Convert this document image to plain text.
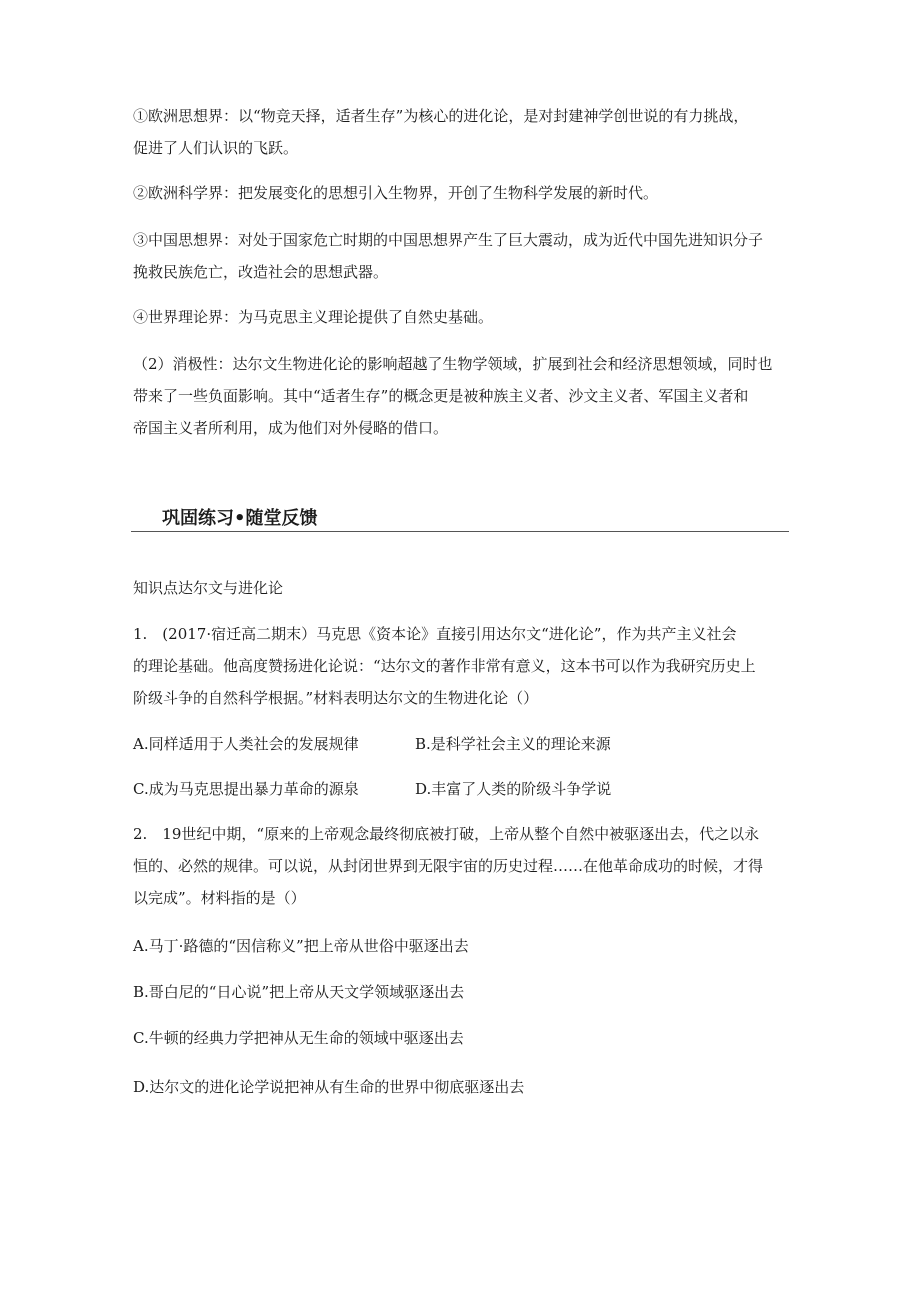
①欧洲思想界：以“物竞天择，适者生存”为核心的进化论，是对封建神学创世说的有力挑战，
促进了人们认识的飞跃。
②欧洲科学界：把发展变化的思想引入生物界，开创了生物科学发展的新时代。
③中国思想界：对处于国家危亡时期的中国思想界产生了巨大震动，成为近代中国先进知识分子
挽救民族危亡，改造社会的思想武器。
④世界理论界：为马克思主义理论提供了自然史基础。
（2）消极性：达尔文生物进化论的影响超越了生物学领域，扩展到社会和经济思想领域，同时也
带来了一些负面影响。其中“适者生存”的概念更是被种族主义者、沙文主义者、军国主义者和
帝国主义者所利用，成为他们对外侵略的借口。
巩固练习•随堂反馈
知识点达尔文与进化论
1.　(2017·宿迁高二期末）马克思《资本论》直接引用达尔文“进化论”，作为共产主义社会
的理论基础。他高度赞扬进化论说：“达尔文的著作非常有意义，这本书可以作为我研究历史上
阶级斗争的自然科学根据。”材料表明达尔文的生物进化论（）
A.同样适用于人类社会的发展规律	B.是科学社会主义的理论来源
C.成为马克思提出暴力革命的源泉	D.丰富了人类的阶级斗争学说
2.　19世纪中期，“原来的上帝观念最终彻底被打破，上帝从整个自然中被驱逐出去，代之以永
恒的、必然的规律。可以说，从封闭世界到无限宇宙的历史过程……在他革命成功的时候，才得
以完成”。材料指的是（）
A.马丁·路德的“因信称义”把上帝从世俗中驱逐出去
B.哥白尼的“日心说”把上帝从天文学领域驱逐出去
C.牛顿的经典力学把神从无生命的领域中驱逐出去
D.达尔文的进化论学说把神从有生命的世界中彻底驱逐出去
